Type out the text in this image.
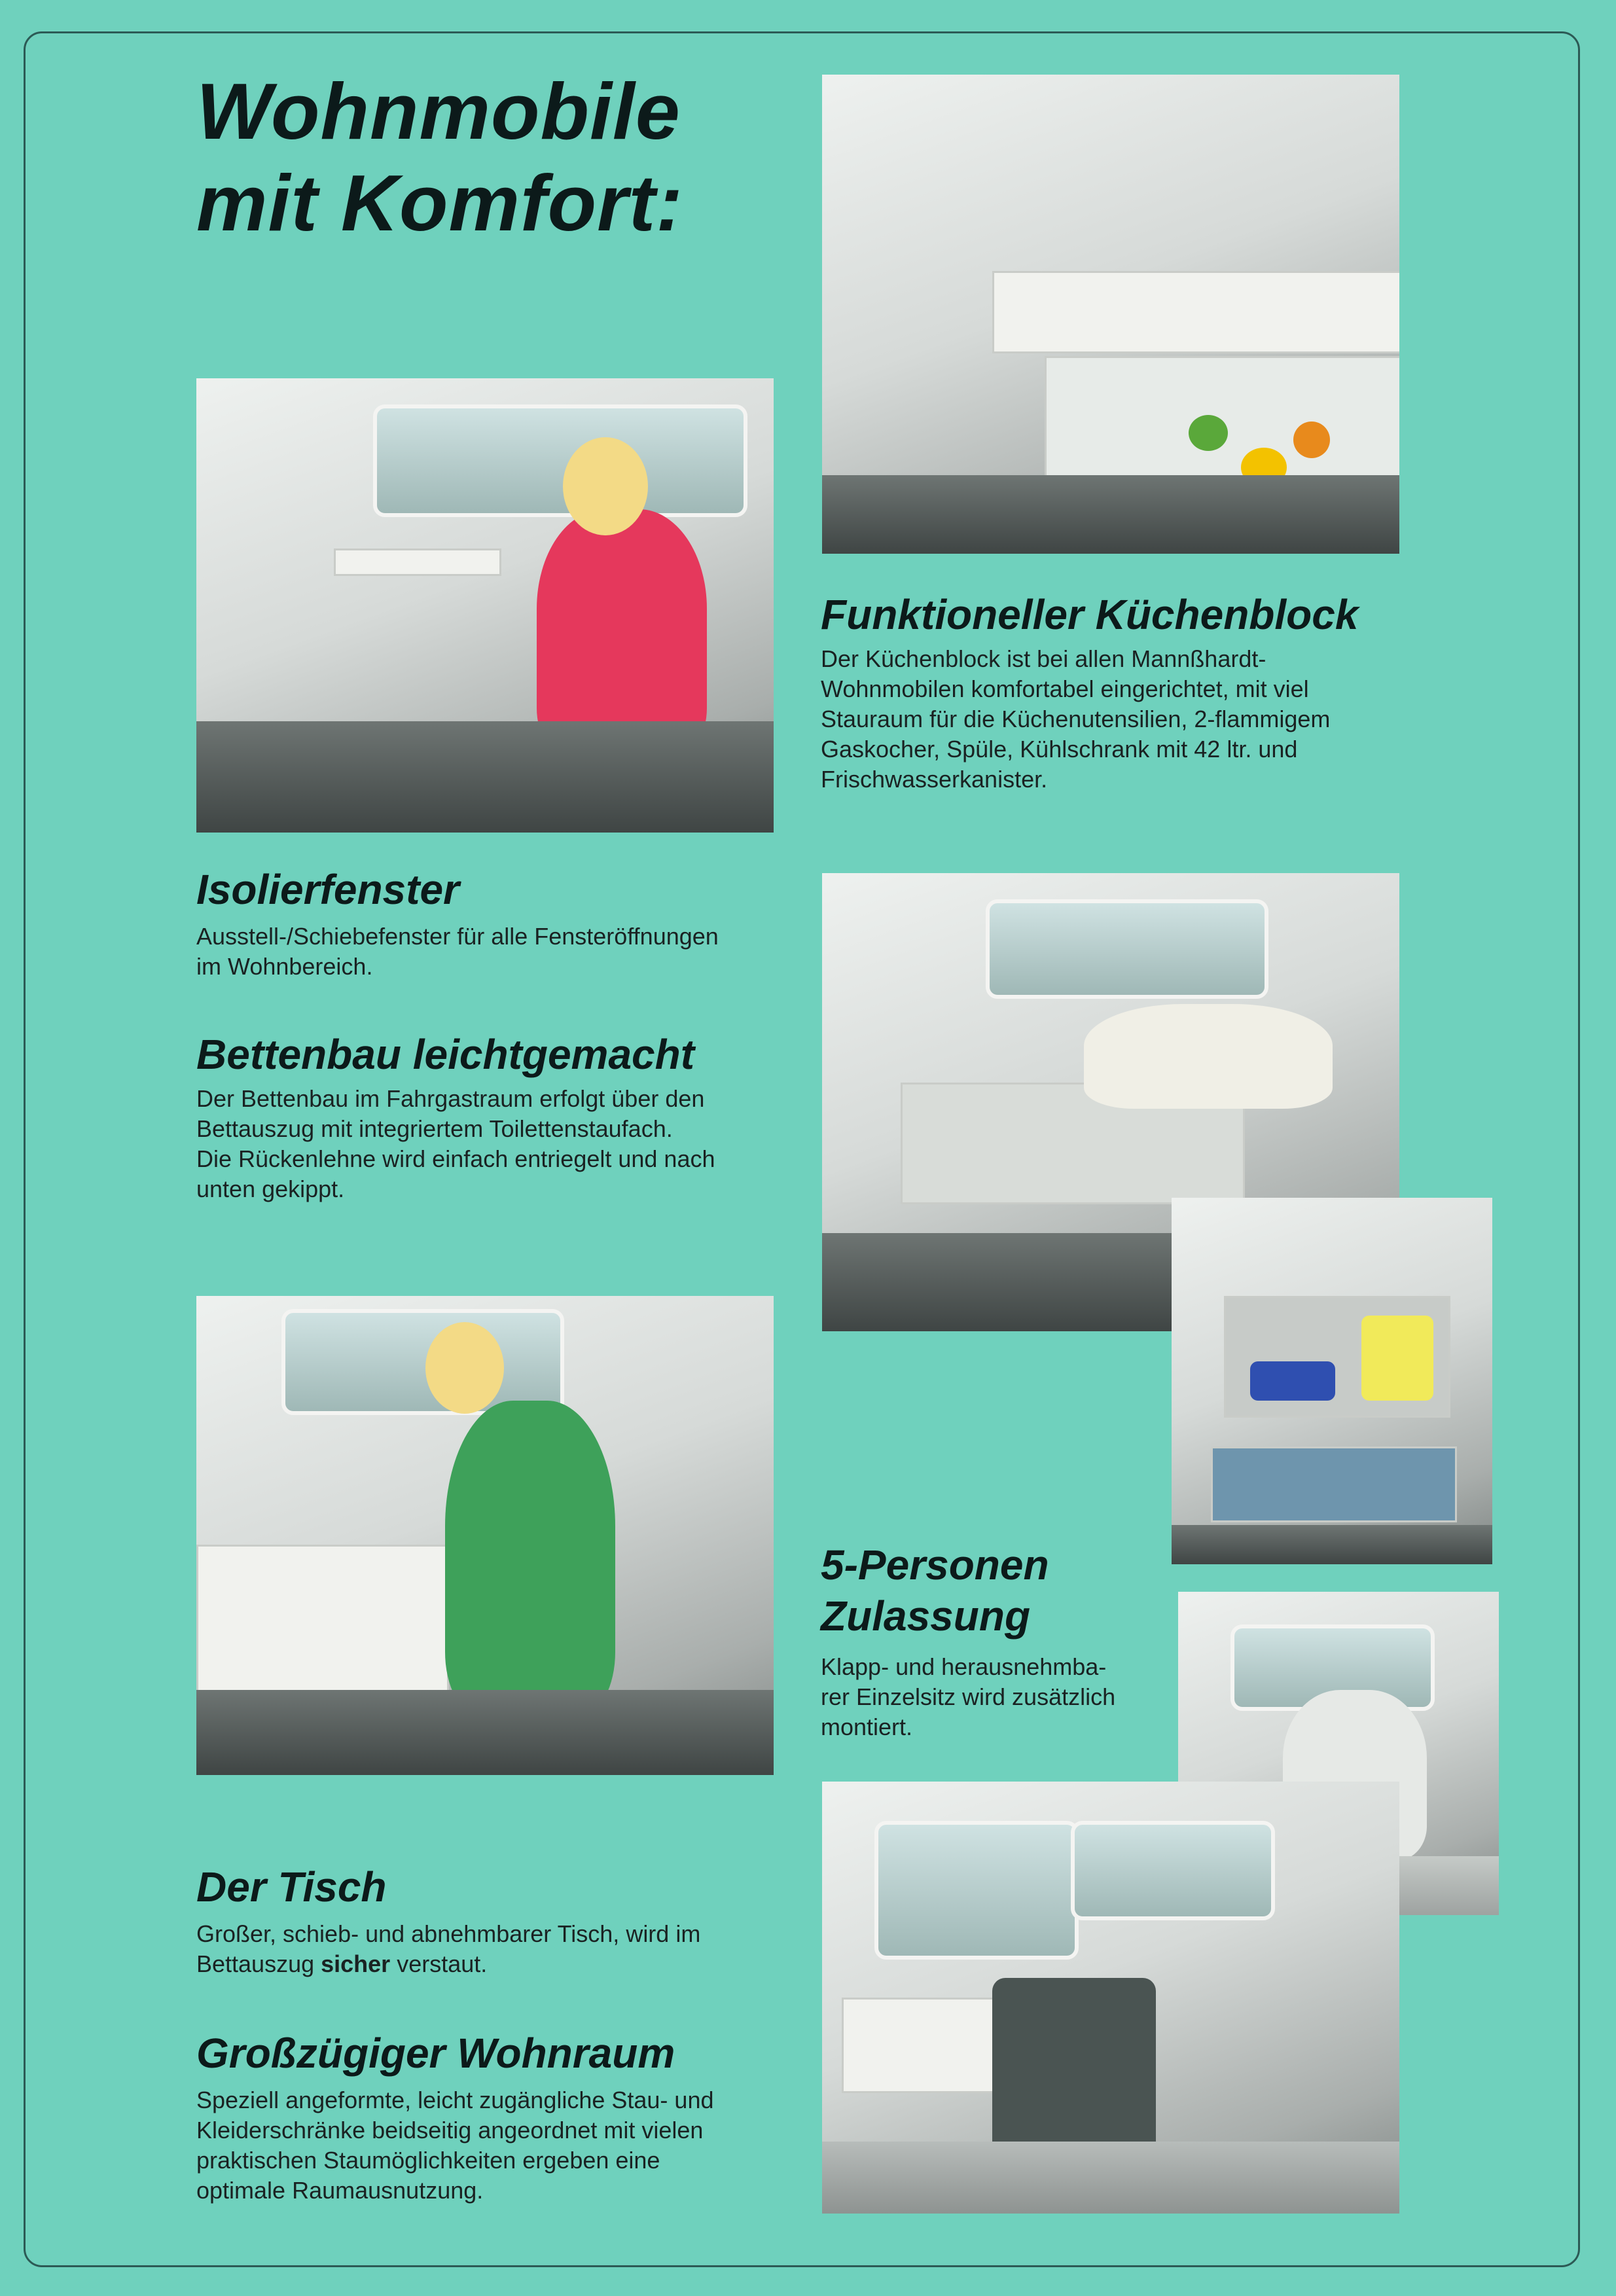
Wohnmobile
mit Komfort:
Funktioneller Küchenblock
Der Küchenblock ist bei allen Mannßhardt-
Wohnmobilen komfortabel eingerichtet, mit viel
Stauraum für die Küchenutensilien, 2-flammigem
Gaskocher, Spüle, Kühlschrank mit 42 ltr. und
Frischwasserkanister.
Isolierfenster
Ausstell-/Schiebefenster für alle Fensteröffnungen
im Wohnbereich.
Bettenbau leichtgemacht
Der Bettenbau im Fahrgastraum erfolgt über den
Bettauszug mit integriertem Toilettenstaufach.
Die Rückenlehne wird einfach entriegelt und nach
unten gekippt.
5-Personen
Zulassung
Klapp- und herausnehmba-
rer Einzelsitz wird zusätzlich
montiert.
Der Tisch
Großer, schieb- und abnehmbarer Tisch, wird im
Bettauszug sicher verstaut.
Großzügiger Wohnraum
Speziell angeformte, leicht zugängliche Stau- und
Kleiderschränke beidseitig angeordnet mit vielen
praktischen Staumöglichkeiten ergeben eine
optimale Raumausnutzung.
